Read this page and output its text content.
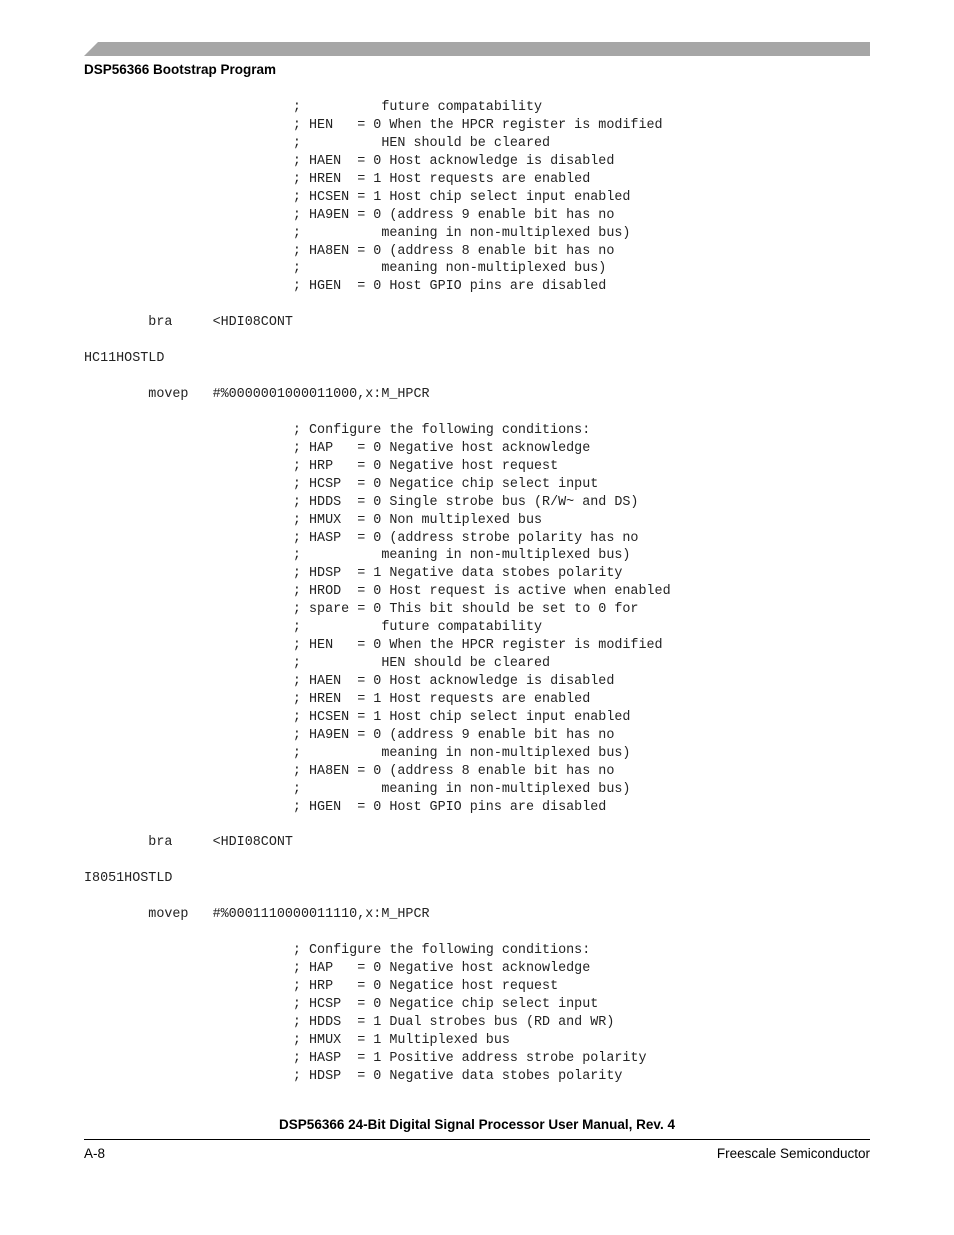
DSP56366 Bootstrap Program
;          future compatability
; HEN   = 0 When the HPCR register is modified
;          HEN should be cleared
; HAEN  = 0 Host acknowledge is disabled
; HREN  = 1 Host requests are enabled
; HCSEN = 1 Host chip select input enabled
; HA9EN = 0 (address 9 enable bit has no
;          meaning in non-multiplexed bus)
; HA8EN = 0 (address 8 enable bit has no
;          meaning non-multiplexed bus)
; HGEN  = 0 Host GPIO pins are disabled
bra     <HDI08CONT
HC11HOSTLD
movep   #%0000001000011000,x:M_HPCR
; Configure the following conditions:
; HAP   = 0 Negative host acknowledge
; HRP   = 0 Negative host request
; HCSP  = 0 Negatice chip select input
; HDDS  = 0 Single strobe bus (R/W~ and DS)
; HMUX  = 0 Non multiplexed bus
; HASP  = 0 (address strobe polarity has no
;          meaning in non-multiplexed bus)
; HDSP  = 1 Negative data stobes polarity
; HROD  = 0 Host request is active when enabled
; spare = 0 This bit should be set to 0 for
;          future compatability
; HEN   = 0 When the HPCR register is modified
;          HEN should be cleared
; HAEN  = 0 Host acknowledge is disabled
; HREN  = 1 Host requests are enabled
; HCSEN = 1 Host chip select input enabled
; HA9EN = 0 (address 9 enable bit has no
;          meaning in non-multiplexed bus)
; HA8EN = 0 (address 8 enable bit has no
;          meaning in non-multiplexed bus)
; HGEN  = 0 Host GPIO pins are disabled
bra     <HDI08CONT
I8051HOSTLD
movep   #%0001110000011110,x:M_HPCR
; Configure the following conditions:
; HAP   = 0 Negative host acknowledge
; HRP   = 0 Negatice host request
; HCSP  = 0 Negatice chip select input
; HDDS  = 1 Dual strobes bus (RD and WR)
; HMUX  = 1 Multiplexed bus
; HASP  = 1 Positive address strobe polarity
; HDSP  = 0 Negative data stobes polarity
DSP56366 24-Bit Digital Signal Processor User Manual, Rev. 4
A-8	Freescale Semiconductor
